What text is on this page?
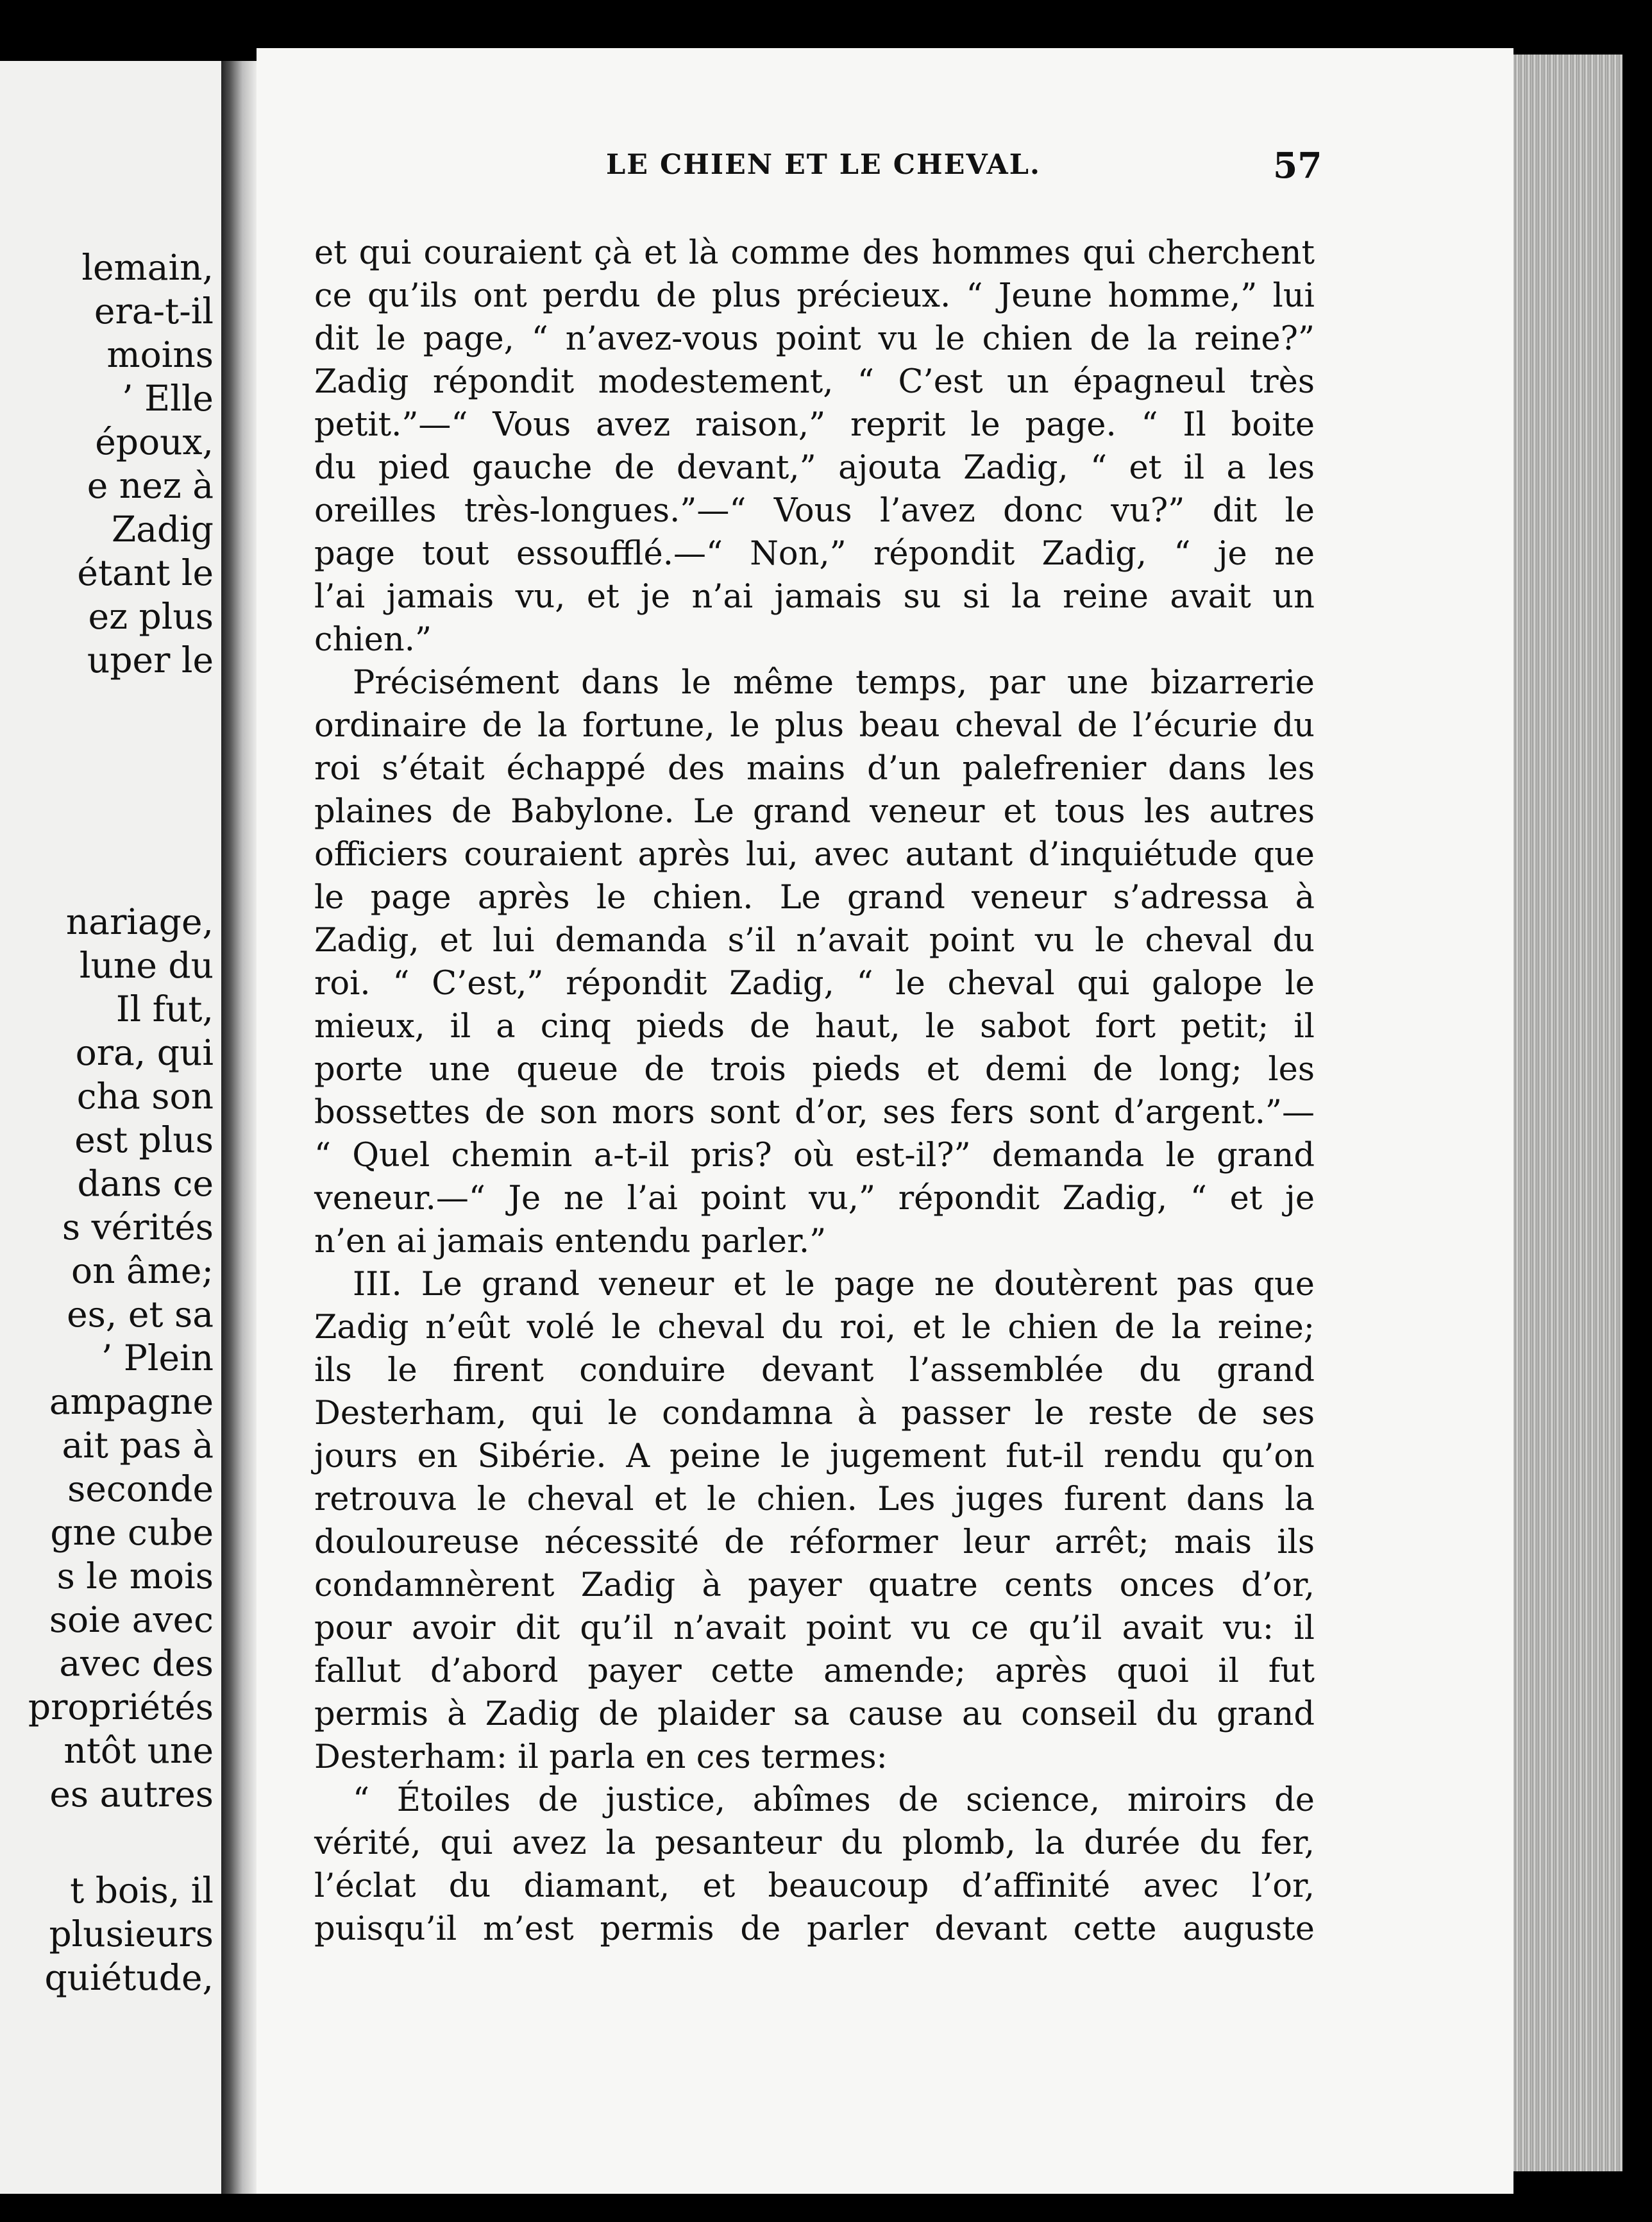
lemain,
era-t-il
moins
’ Elle
époux,
e nez à
Zadig
étant le
ez plus
uper le
nariage,
lune du
Il fut,
ora, qui
cha son
est plus
dans ce
s vérités
on âme;
es, et sa
’ Plein
ampagne
ait pas à
seconde
gne cube
s le mois
soie avec
avec des
propriétés
ntôt une
es autres
t bois, il
plusieurs
quiétude,
LE CHIEN ET LE CHEVAL.	57
et qui couraient çà et là comme des hommes qui cherchent
ce qu’ils ont perdu de plus précieux. “ Jeune homme,” lui
dit le page, “ n’avez-vous point vu le chien de la reine?”
Zadig répondit modestement, “ C’est un épagneul très
petit.”—“ Vous avez raison,” reprit le page. “ Il boite
du pied gauche de devant,” ajouta Zadig, “ et il a les
oreilles très-longues.”—“ Vous l’avez donc vu?” dit le
page tout essoufflé.—“ Non,” répondit Zadig, “ je ne
l’ai jamais vu, et je n’ai jamais su si la reine avait un
chien.”
Précisément dans le même temps, par une bizarrerie
ordinaire de la fortune, le plus beau cheval de l’écurie du
roi s’était échappé des mains d’un palefrenier dans les
plaines de Babylone. Le grand veneur et tous les autres
officiers couraient après lui, avec autant d’inquiétude que
le page après le chien. Le grand veneur s’adressa à
Zadig, et lui demanda s’il n’avait point vu le cheval du
roi. “ C’est,” répondit Zadig, “ le cheval qui galope le
mieux, il a cinq pieds de haut, le sabot fort petit; il
porte une queue de trois pieds et demi de long; les
bossettes de son mors sont d’or, ses fers sont d’argent.”—
“ Quel chemin a-t-il pris? où est-il?” demanda le grand
veneur.—“ Je ne l’ai point vu,” répondit Zadig, “ et je
n’en ai jamais entendu parler.”
III. Le grand veneur et le page ne doutèrent pas que
Zadig n’eût volé le cheval du roi, et le chien de la reine;
ils le firent conduire devant l’assemblée du grand
Desterham, qui le condamna à passer le reste de ses
jours en Sibérie. A peine le jugement fut-il rendu qu’on
retrouva le cheval et le chien. Les juges furent dans la
douloureuse nécessité de réformer leur arrêt; mais ils
condamnèrent Zadig à payer quatre cents onces d’or,
pour avoir dit qu’il n’avait point vu ce qu’il avait vu: il
fallut d’abord payer cette amende; après quoi il fut
permis à Zadig de plaider sa cause au conseil du grand
Desterham: il parla en ces termes:
“ Étoiles de justice, abîmes de science, miroirs de
vérité, qui avez la pesanteur du plomb, la durée du fer,
l’éclat du diamant, et beaucoup d’affinité avec l’or,
puisqu’il m’est permis de parler devant cette auguste
